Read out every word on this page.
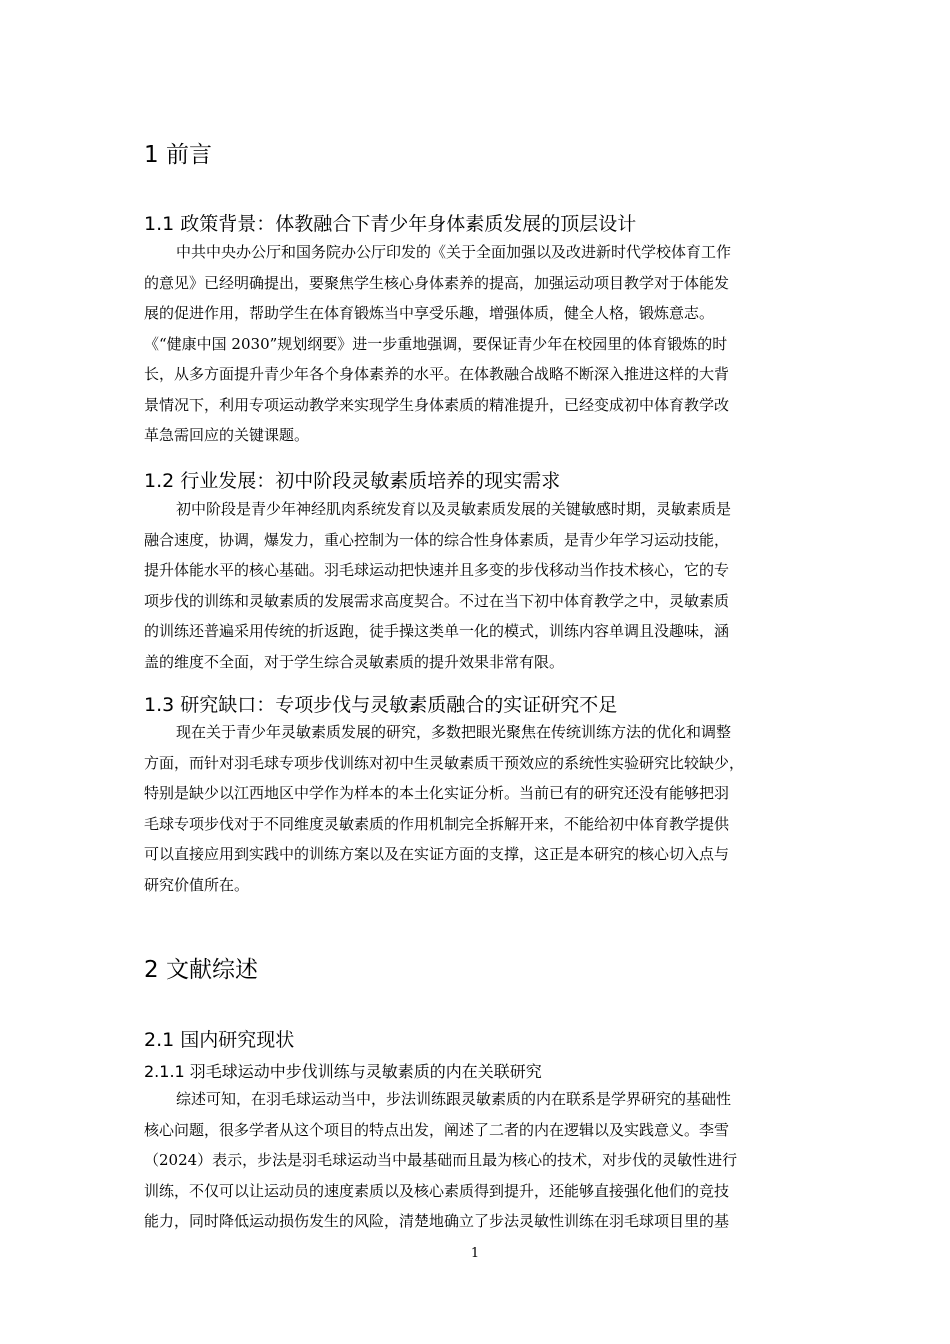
1 前言
1.1 政策背景：体教融合下青少年身体素质发展的顶层设计
中共中央办公厅和国务院办公厅印发的《关于全面加强以及改进新时代学校体育工作
的意见》已经明确提出，要聚焦学生核心身体素养的提高，加强运动项目教学对于体能发
展的促进作用，帮助学生在体育锻炼当中享受乐趣，增强体质，健全人格，锻炼意志。
《“健康中国 2030”规划纲要》进一步重地强调，要保证青少年在校园里的体育锻炼的时
长，从多方面提升青少年各个身体素养的水平。在体教融合战略不断深入推进这样的大背
景情况下，利用专项运动教学来实现学生身体素质的精准提升，已经变成初中体育教学改
革急需回应的关键课题。
1.2 行业发展：初中阶段灵敏素质培养的现实需求
初中阶段是青少年神经肌肉系统发育以及灵敏素质发展的关键敏感时期，灵敏素质是
融合速度，协调，爆发力，重心控制为一体的综合性身体素质，是青少年学习运动技能，
提升体能水平的核心基础。羽毛球运动把快速并且多变的步伐移动当作技术核心，它的专
项步伐的训练和灵敏素质的发展需求高度契合。不过在当下初中体育教学之中，灵敏素质
的训练还普遍采用传统的折返跑，徒手操这类单一化的模式，训练内容单调且没趣味，涵
盖的维度不全面，对于学生综合灵敏素质的提升效果非常有限。
1.3 研究缺口：专项步伐与灵敏素质融合的实证研究不足
现在关于青少年灵敏素质发展的研究，多数把眼光聚焦在传统训练方法的优化和调整
方面，而针对羽毛球专项步伐训练对初中生灵敏素质干预效应的系统性实验研究比较缺少，
特别是缺少以江西地区中学作为样本的本土化实证分析。当前已有的研究还没有能够把羽
毛球专项步伐对于不同维度灵敏素质的作用机制完全拆解开来，不能给初中体育教学提供
可以直接应用到实践中的训练方案以及在实证方面的支撑，这正是本研究的核心切入点与
研究价值所在。
2 文献综述
2.1 国内研究现状
2.1.1 羽毛球运动中步伐训练与灵敏素质的内在关联研究
综述可知，在羽毛球运动当中，步法训练跟灵敏素质的内在联系是学界研究的基础性
核心问题，很多学者从这个项目的特点出发，阐述了二者的内在逻辑以及实践意义。李雪
（2024）表示，步法是羽毛球运动当中最基础而且最为核心的技术，对步伐的灵敏性进行
训练，不仅可以让运动员的速度素质以及核心素质得到提升，还能够直接强化他们的竞技
能力，同时降低运动损伤发生的风险，清楚地确立了步法灵敏性训练在羽毛球项目里的基
1
